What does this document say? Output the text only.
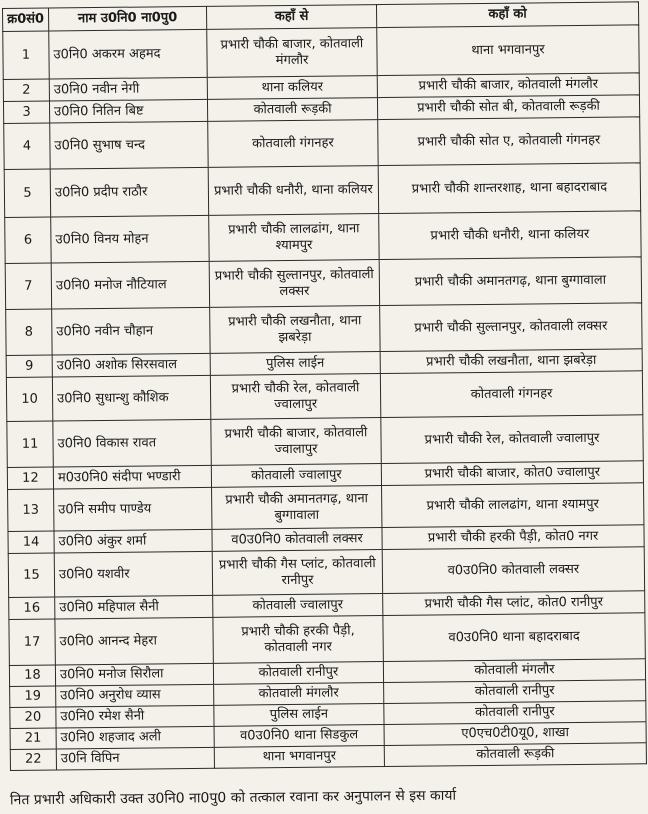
क्र0सं0	नाम उ0नि0 ना0पु0	कहाँ से	कहाँ को
1	उ0नि0 अकरम अहमद	प्रभारी चौकी बाजार, कोतवाली मंगलौर	थाना भगवानपुर
2	उ0नि0 नवीन नेगी	थाना कलियर	प्रभारी चौकी बाजार, कोतवाली मंगलौर
3	उ0नि0 नितिन बिष्ट	कोतवाली रूड़की	प्रभारी चौकी सोत बी, कोतवाली रूड़की
4	उ0नि0 सुभाष चन्द	कोतवाली गंगनहर	प्रभारी चौकी सोत ए, कोतवाली गंगनहर
5	उ0नि0 प्रदीप राठौर	प्रभारी चौकी धनौरी, थाना कलियर	प्रभारी चौकी शान्तरशाह, थाना बहादराबाद
6	उ0नि0 विनय मोहन	प्रभारी चौकी लालढांग, थाना श्यामपुर	प्रभारी चौकी धनौरी, थाना कलियर
7	उ0नि0 मनोज नौटियाल	प्रभारी चौकी सुल्तानपुर, कोतवाली लक्सर	प्रभारी चौकी अमानतगढ़, थाना बुग्गावाला
8	उ0नि0 नवीन चौहान	प्रभारी चौकी लखनौता, थाना झबरेड़ा	प्रभारी चौकी सुल्तानपुर, कोतवाली लक्सर
9	उ0नि0 अशोक सिरसवाल	पुलिस लाईन	प्रभारी चौकी लखनौता, थाना झबरेड़ा
10	उ0नि0 सुधान्शु कौशिक	प्रभारी चौकी रेल, कोतवाली ज्वालापुर	कोतवाली गंगनहर
11	उ0नि0 विकास रावत	प्रभारी चौकी बाजार, कोतवाली ज्वालापुर	प्रभारी चौकी रेल, कोतवाली ज्वालापुर
12	म0उ0नि0 संदीपा भण्डारी	कोतवाली ज्वालापुर	प्रभारी चौकी बाजार, कोत0 ज्वालापुर
13	उ0नि समीप पाण्डेय	प्रभारी चौकी अमानतगढ़, थाना बुग्गावाला	प्रभारी चौकी लालढांग, थाना श्यामपुर
14	उ0नि0 अंकुर शर्मा	व0उ0नि0 कोतवाली लक्सर	प्रभारी चौकी हरकी पैड़ी, कोत0 नगर
15	उ0नि0 यशवीर	प्रभारी चौकी गैस प्लांट, कोतवाली रानीपुर	व0उ0नि0 कोतवाली लक्सर
16	उ0नि0 महिपाल सैनी	कोतवाली ज्वालापुर	प्रभारी चौकी गैस प्लांट, कोत0 रानीपुर
17	उ0नि0 आनन्द मेहरा	प्रभारी चौकी हरकी पैड़ी, कोतवाली नगर	व0उ0नि0 थाना बहादराबाद
18	उ0नि0 मनोज सिरौला	कोतवाली रानीपुर	कोतवाली मंगलौर
19	उ0नि0 अनुरोध व्यास	कोतवाली मंगलौर	कोतवाली रानीपुर
20	उ0नि0 रमेश सैनी	पुलिस लाईन	कोतवाली रानीपुर
21	उ0नि0 शहजाद अली	व0उ0नि0 थाना सिडकुल	ए0एच0टी0यू0, शाखा
22	उ0नि विपिन	थाना भगवानपुर	कोतवाली रूड़की
नित प्रभारी अधिकारी उक्त उ0नि0 ना0पु0 को तत्काल रवाना कर अनुपालन से इस कार्या
